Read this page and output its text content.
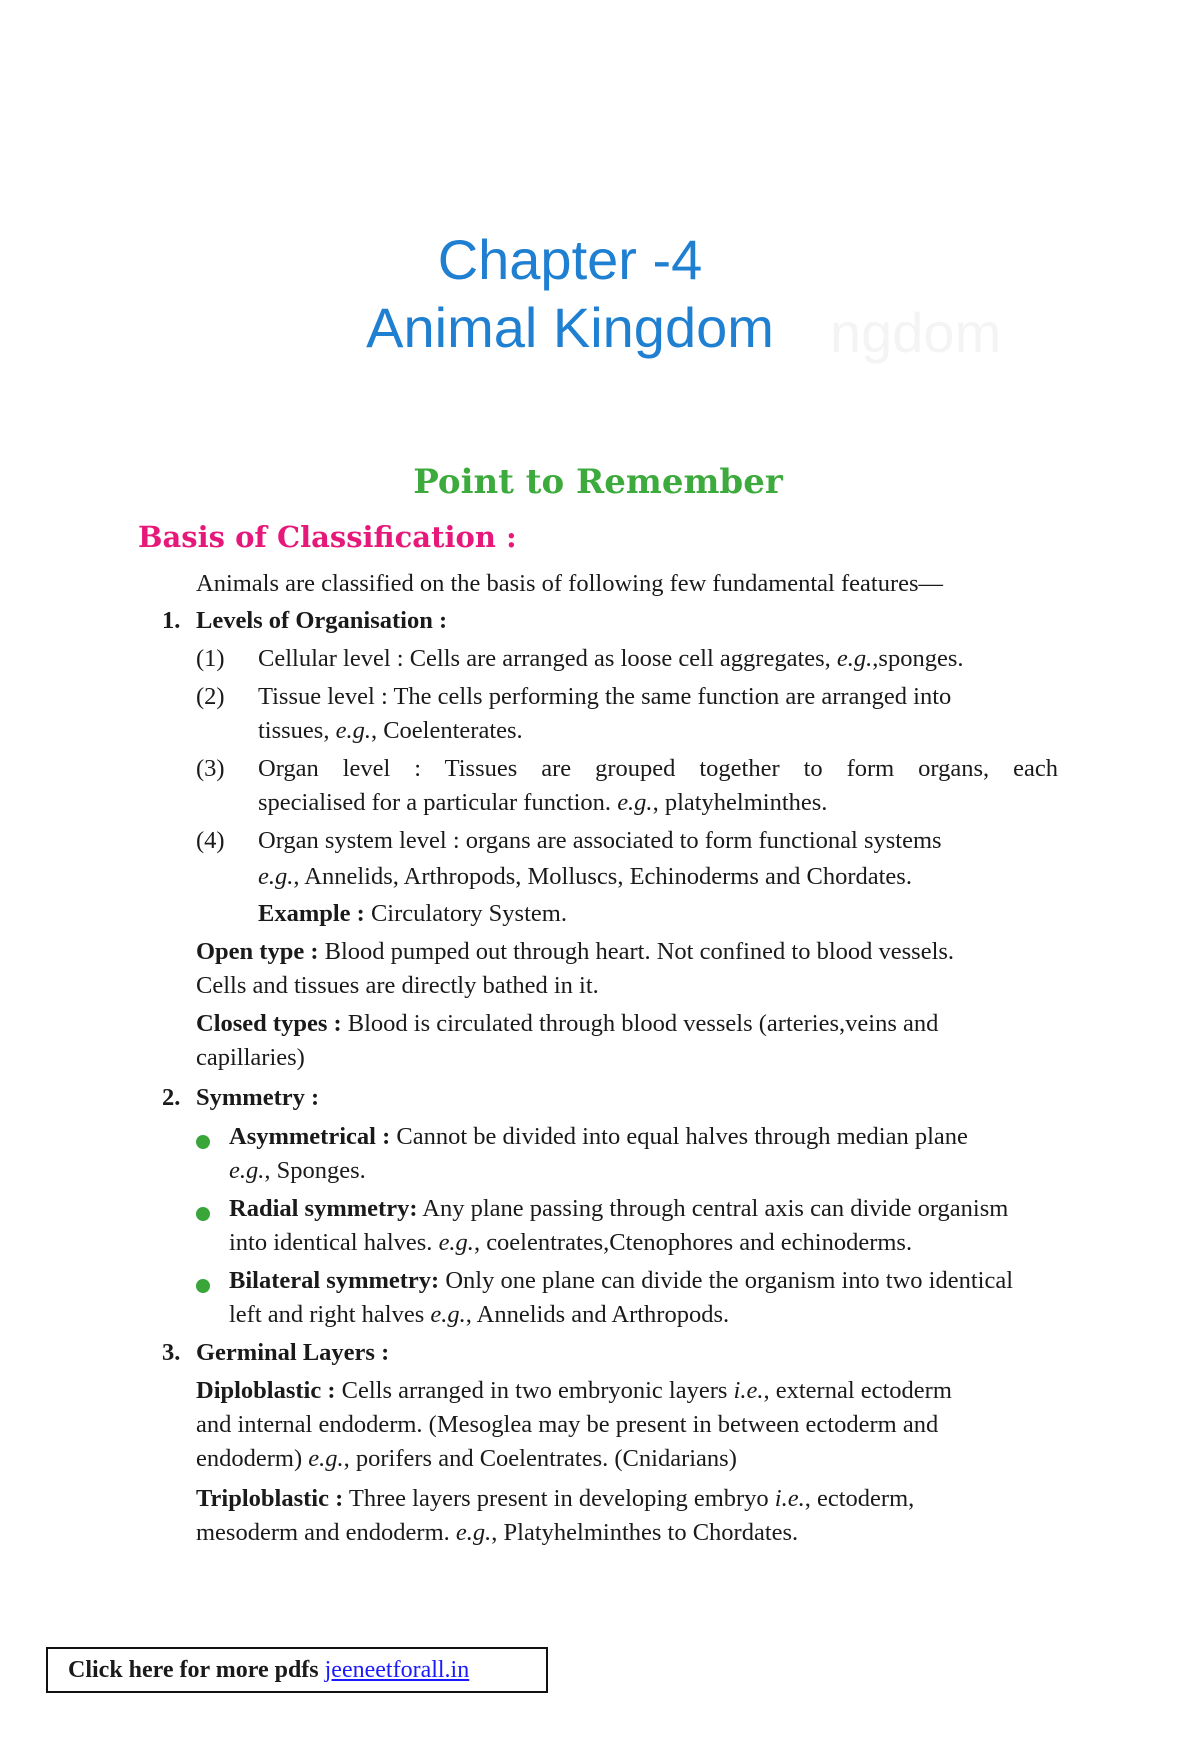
Chapter -4
Animal Kingdom	ngdom
Point to Remember
Basis of Classification :
Animals are classified on the basis of following few fundamental features—
1. Levels of Organisation :
(1) Cellular level : Cells are arranged as loose cell aggregates, e.g.,sponges.
(2) Tissue level : The cells performing the same function are arranged into
tissues, e.g., Coelenterates.
(3) Organ level : Tissues are grouped together to form organs, each
specialised for a particular function. e.g., platyhelminthes.
(4) Organ system level : organs are associated to form functional systems
e.g., Annelids, Arthropods, Molluscs, Echinoderms and Chordates.
Example : Circulatory System.
Open type : Blood pumped out through heart. Not confined to blood vessels.
Cells and tissues are directly bathed in it.
Closed types : Blood is circulated through blood vessels (arteries,veins and
capillaries)
2. Symmetry :
Asymmetrical : Cannot be divided into equal halves through median plane
e.g., Sponges.
Radial symmetry: Any plane passing through central axis can divide organism
into identical halves. e.g., coelentrates,Ctenophores and echinoderms.
Bilateral symmetry: Only one plane can divide the organism into two identical
left and right halves e.g., Annelids and Arthropods.
3. Germinal Layers :
Diploblastic : Cells arranged in two embryonic layers i.e., external ectoderm
and internal endoderm. (Mesoglea may be present in between ectoderm and
endoderm) e.g., porifers and Coelentrates. (Cnidarians)
Triploblastic : Three layers present in developing embryo i.e., ectoderm,
mesoderm and endoderm. e.g., Platyhelminthes to Chordates.
Click here for more pdfs jeeneetforall.in
